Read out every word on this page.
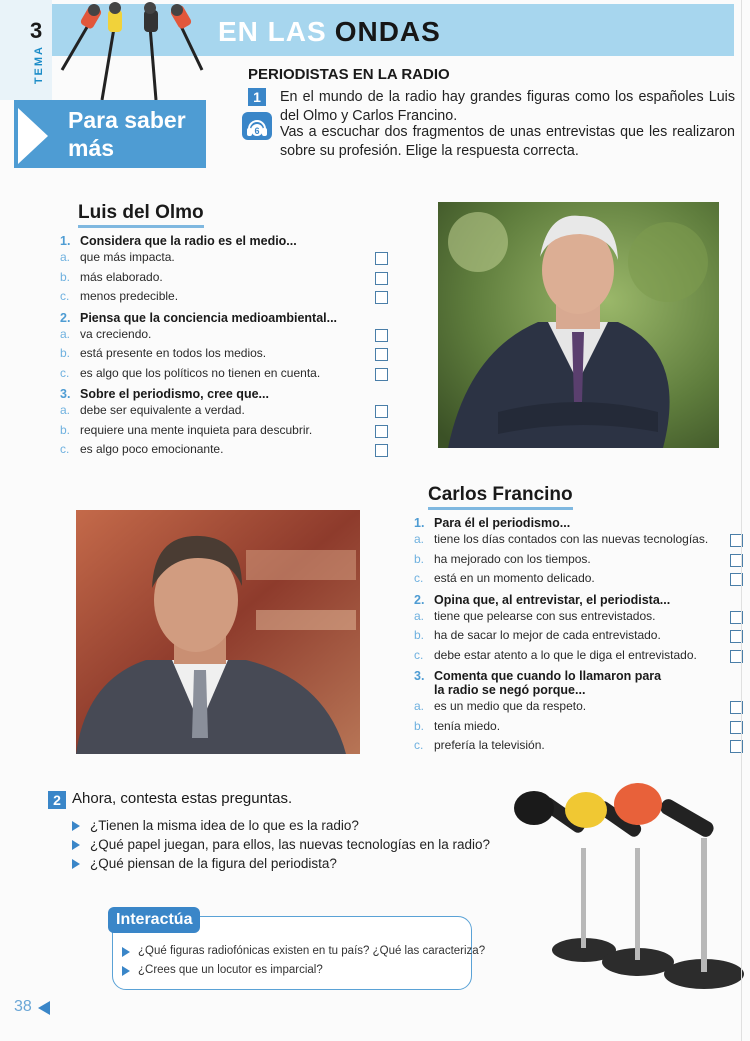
3
TEMA
EN LAS ONDAS
Para saber más
PERIODISTAS EN LA RADIO
1	En el mundo de la radio hay grandes figuras como los españoles Luis del Olmo y Carlos Francino.
6 Vas a escuchar dos fragmentos de unas entrevistas que les realizaron sobre su profesión. Elige la respuesta correcta.
Luis del Olmo
1. Considera que la radio es el medio...
a. que más impacta.
b. más elaborado.
c. menos predecible.
2. Piensa que la conciencia medioambiental...
a. va creciendo.
b. está presente en todos los medios.
c. es algo que los políticos no tienen en cuenta.
3. Sobre el periodismo, cree que...
a. debe ser equivalente a verdad.
b. requiere una mente inquieta para descubrir.
c. es algo poco emocionante.
Carlos Francino
1. Para él el periodismo...
a. tiene los días contados con las nuevas tecnologías.
b. ha mejorado con los tiempos.
c. está en un momento delicado.
2. Opina que, al entrevistar, el periodista...
a. tiene que pelearse con sus entrevistados.
b. ha de sacar lo mejor de cada entrevistado.
c. debe estar atento a lo que le diga el entrevistado.
3. Comenta que cuando lo llamaron para
la radio se negó porque...
a. es un medio que da respeto.
b. tenía miedo.
c. prefería la televisión.
2 Ahora, contesta estas preguntas.
¿Tienen la misma idea de lo que es la radio?
¿Qué papel juegan, para ellos, las nuevas tecnologías en la radio?
¿Qué piensan de la figura del periodista?
Interactúa
¿Qué figuras radiofónicas existen en tu país? ¿Qué las caracteriza?
¿Crees que un locutor es imparcial?
38
